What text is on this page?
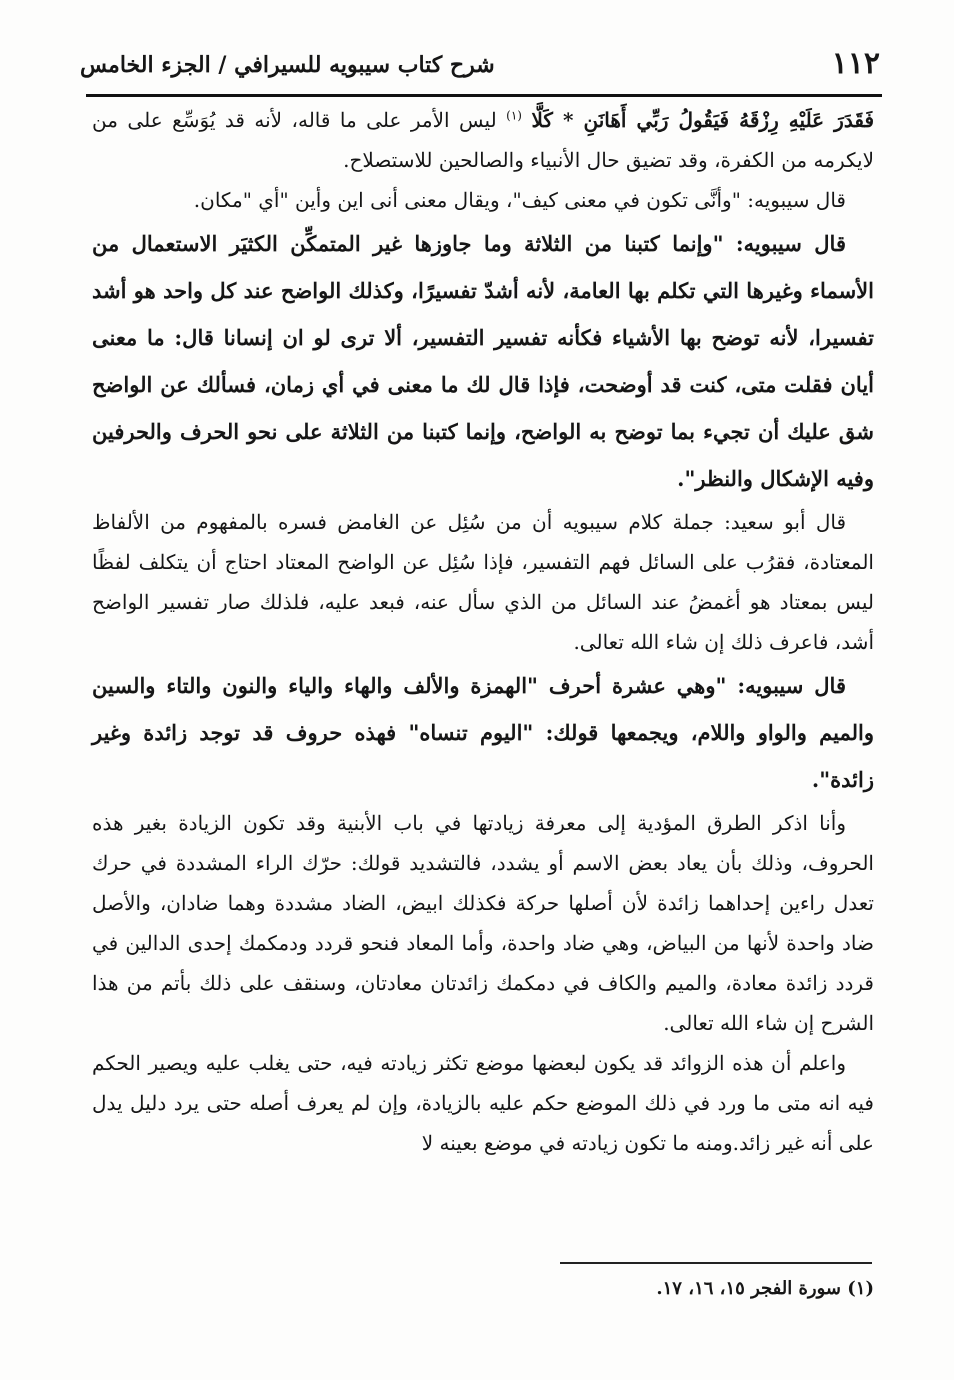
١١٢
شرح كتاب سيبويه للسيرافي / الجزء الخامس

فَقَدَرَ عَلَيْهِ رِزْقَهُ فَيَقُولُ رَبِّي أَهَانَنِ * كَلَّا $^{(١)}$ ليس الأمر على ما قاله، لأنه قد يُوَسِّع على من لايكرمه من الكفرة، وقد تضيق حال الأنبياء والصالحين للاستصلاح.

قال سيبويه: "وأنَّى تكون في معنى كيف"، ويقال معنى أنى اين وأين "أي "مكان.

قال سيبويه: "وإنما كتبنا من الثلاثة وما جاوزها غير المتمكِّن الكثيَر الاستعمال من الأسماء وغيرها التي تكلم بها العامة، لأنه أشدّ تفسيرًا، وكذلك الواضح عند كل واحد هو أشد تفسيرا، لأنه توضح بها الأشياء فكأنه تفسير التفسير، ألا ترى لو ان إنسانا قال: ما معنى أيان فقلت متى، كنت قد أوضحت، فإذا قال لك ما معنى في أي زمان، فسألك عن الواضح شق عليك أن تجيء بما توضح به الواضح، وإنما كتبنا من الثلاثة على نحو الحرف والحرفين وفيه الإشكال والنظر".

قال أبو سعيد: جملة كلام سيبويه أن من سُئِل عن الغامض فسره بالمفهوم من الألفاظ المعتادة، فقرُب على السائل فهم التفسير، فإذا سُئِل عن الواضح المعتاد احتاج أن يتكلف لفظًا ليس بمعتاد هو أغمضُ عند السائل من الذي سأل عنه، فبعد عليه، فلذلك صار تفسير الواضح أشد، فاعرف ذلك إن شاء الله تعالى.

قال سيبويه: "وهي عشرة أحرف "الهمزة والألف والهاء والياء والنون والتاء والسين والميم والواو واللام، ويجمعها قولك: "اليوم تنساه" فهذه حروف قد توجد زائدة وغير زائدة".

وأنا اذكر الطرق المؤدية إلى معرفة زيادتها في باب الأبنية وقد تكون الزيادة بغير هذه الحروف، وذلك بأن يعاد بعض الاسم أو يشدد، فالتشديد قولك: حرّك الراء المشددة في حرك تعدل راءين إحداهما زائدة لأن أصلها حركة فكذلك ابيض، الضاد مشددة وهما ضادان، والأصل ضاد واحدة لأنها من البياض، وهي ضاد واحدة، وأما المعاد فنحو قردد ودمكمك إحدى الدالين في قردد زائدة معادة، والميم والكاف في دمكمك زائدتان معادتان، وسنقف على ذلك بأتم من هذا الشرح إن شاء الله تعالى.

واعلم أن هذه الزوائد قد يكون لبعضها موضع تكثر زيادته فيه، حتى يغلب عليه ويصير الحكم فيه انه متى ما ورد في ذلك الموضع حكم عليه بالزيادة، وإن لم يعرف أصله حتى يرد دليل يدل على أنه غير زائد.ومنه ما تكون زيادته في موضع بعينه لا

(١) سورة الفجر ١٥، ١٦، ١٧.
